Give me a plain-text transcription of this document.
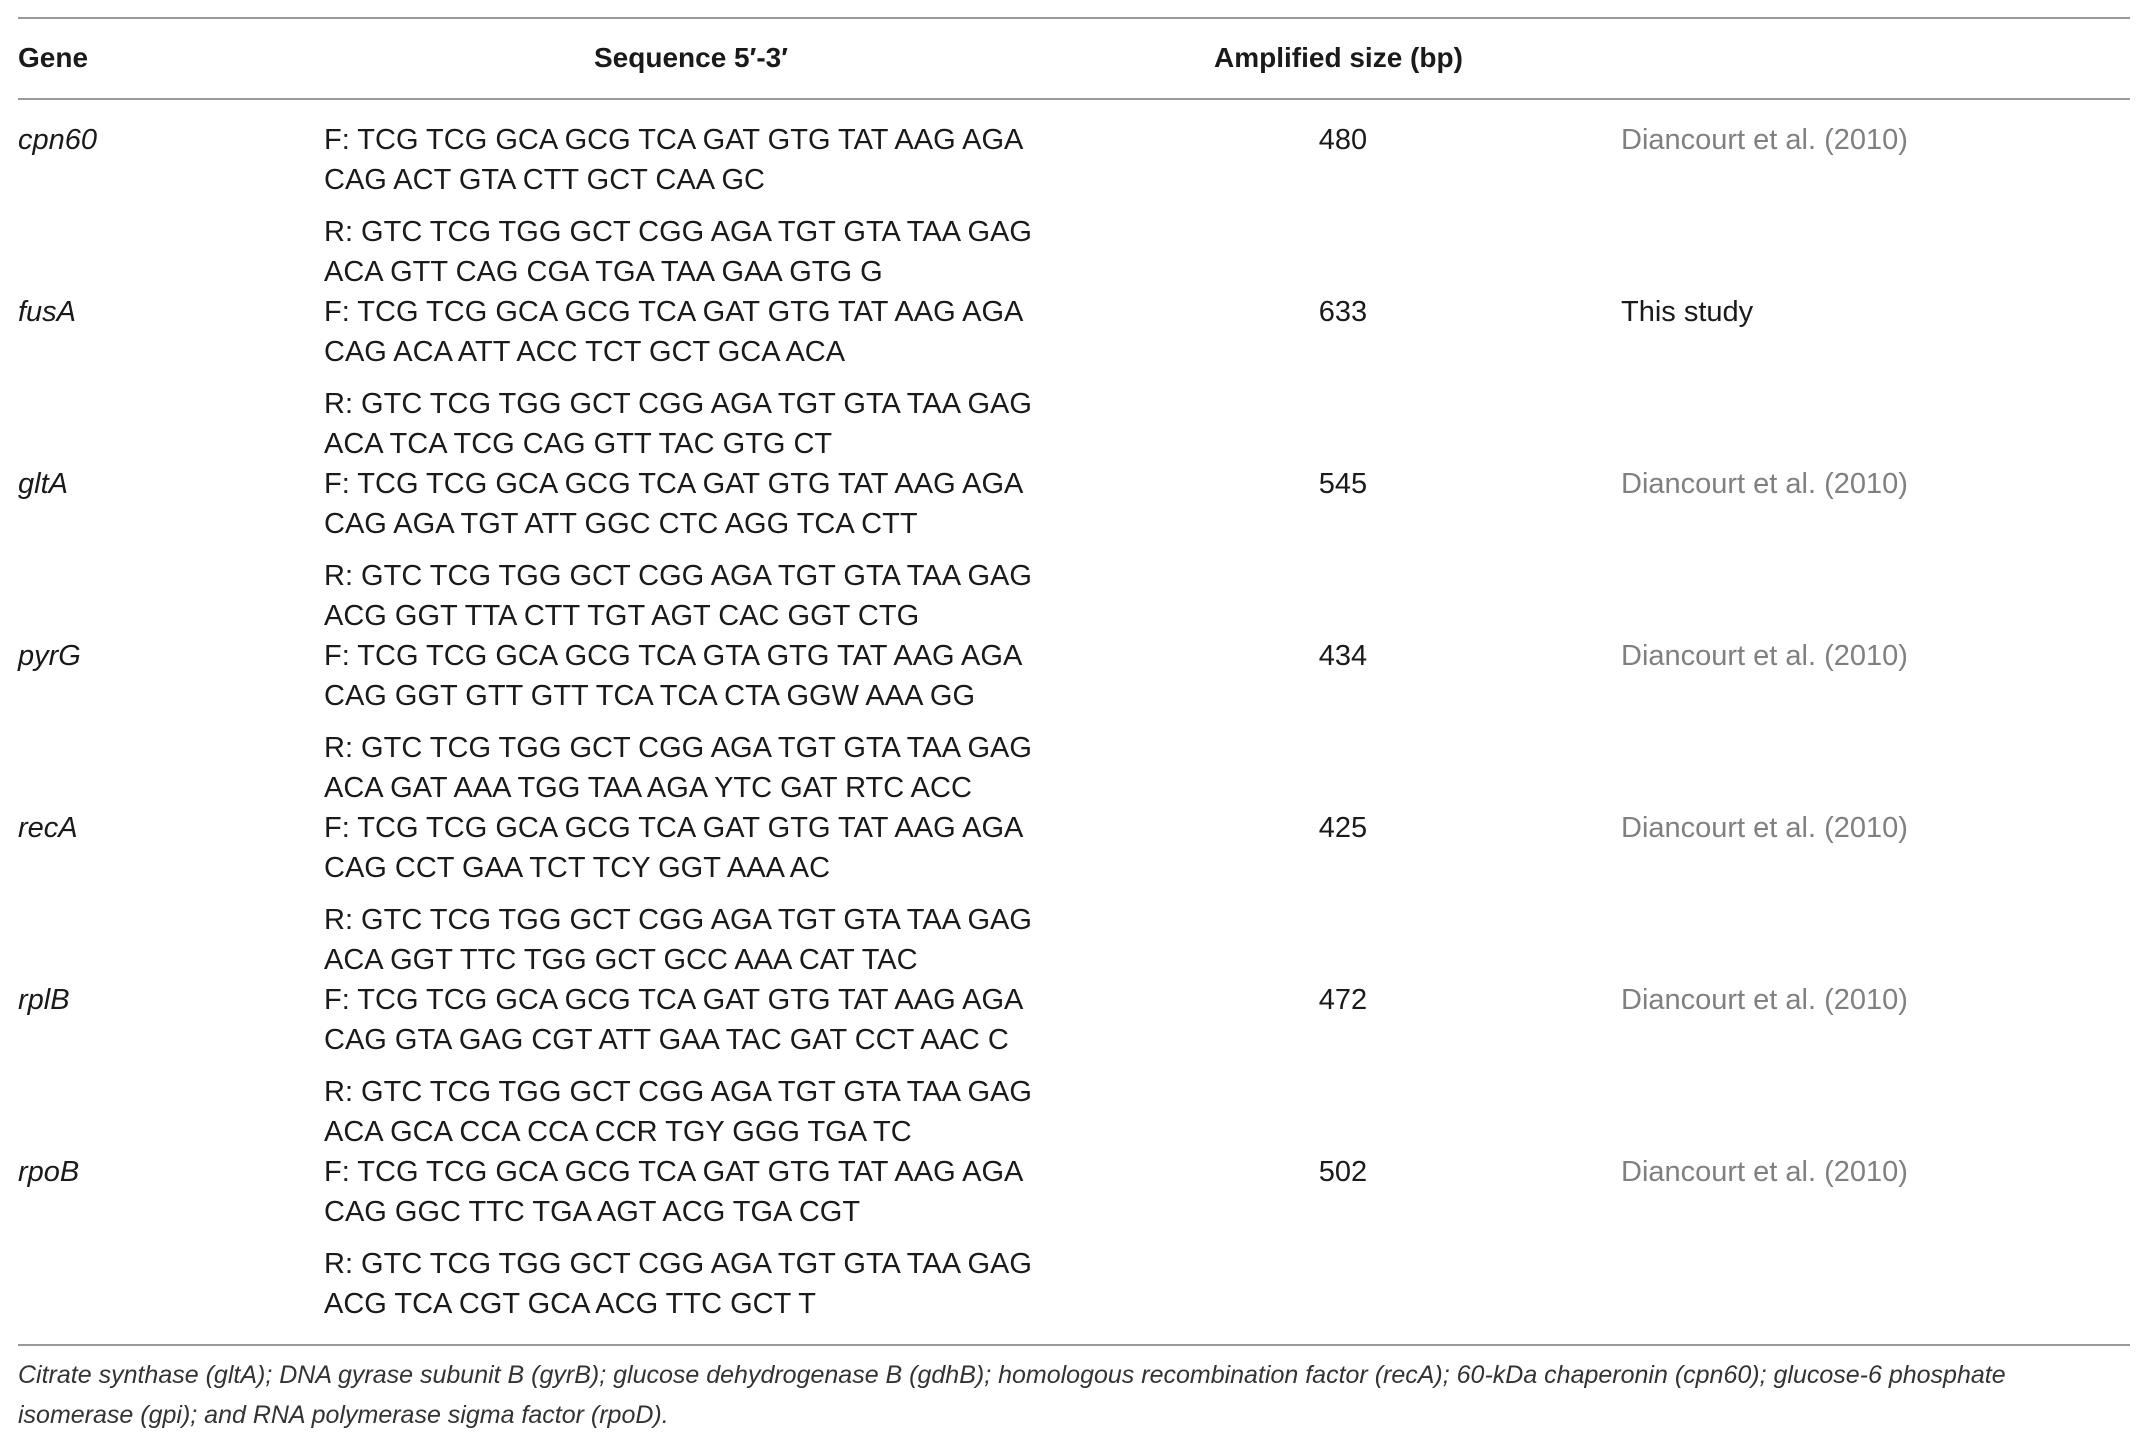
Gene	Sequence 5′-3′	Amplified size (bp)
cpn60	F: TCG TCG GCA GCG TCA GAT GTG TAT AAG AGA
CAG ACT GTA CTT GCT CAA GC
R: GTC TCG TGG GCT CGG AGA TGT GTA TAA GAG
ACA GTT CAG CGA TGA TAA GAA GTG G
480	Diancourt et al. (2010)
fusA	F: TCG TCG GCA GCG TCA GAT GTG TAT AAG AGA
CAG ACA ATT ACC TCT GCT GCA ACA
R: GTC TCG TGG GCT CGG AGA TGT GTA TAA GAG
ACA TCA TCG CAG GTT TAC GTG CT
633	This study
gltA	F: TCG TCG GCA GCG TCA GAT GTG TAT AAG AGA
CAG AGA TGT ATT GGC CTC AGG TCA CTT
R: GTC TCG TGG GCT CGG AGA TGT GTA TAA GAG
ACG GGT TTA CTT TGT AGT CAC GGT CTG
545	Diancourt et al. (2010)
pyrG	F: TCG TCG GCA GCG TCA GTA GTG TAT AAG AGA
CAG GGT GTT GTT TCA TCA CTA GGW AAA GG
R: GTC TCG TGG GCT CGG AGA TGT GTA TAA GAG
ACA GAT AAA TGG TAA AGA YTC GAT RTC ACC
434	Diancourt et al. (2010)
recA	F: TCG TCG GCA GCG TCA GAT GTG TAT AAG AGA
CAG CCT GAA TCT TCY GGT AAA AC
R: GTC TCG TGG GCT CGG AGA TGT GTA TAA GAG
ACA GGT TTC TGG GCT GCC AAA CAT TAC
425	Diancourt et al. (2010)
rplB	F: TCG TCG GCA GCG TCA GAT GTG TAT AAG AGA
CAG GTA GAG CGT ATT GAA TAC GAT CCT AAC C
R: GTC TCG TGG GCT CGG AGA TGT GTA TAA GAG
ACA GCA CCA CCA CCR TGY GGG TGA TC
472	Diancourt et al. (2010)
rpoB	F: TCG TCG GCA GCG TCA GAT GTG TAT AAG AGA
CAG GGC TTC TGA AGT ACG TGA CGT
R: GTC TCG TGG GCT CGG AGA TGT GTA TAA GAG
ACG TCA CGT GCA ACG TTC GCT T
502	Diancourt et al. (2010)
Citrate synthase (gltA); DNA gyrase subunit B (gyrB); glucose dehydrogenase B (gdhB); homologous recombination factor (recA); 60-kDa chaperonin (cpn60); glucose-6 phosphate
isomerase (gpi); and RNA polymerase sigma factor (rpoD).
